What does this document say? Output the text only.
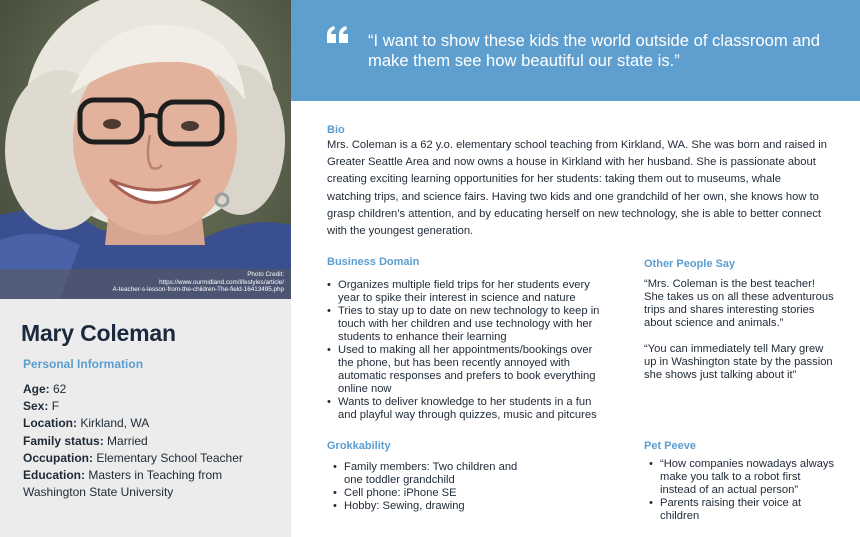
Photo Credit:
https://www.ourmidland.com/lifestyles/article/
A-teacher-s-lesson-from-the-children-The-field-16413495.php
Mary Coleman
Personal Information
Age: 62
Sex: F
Location: Kirkland, WA
Family status: Married
Occupation: Elementary School Teacher
Education: Masters in Teaching from Washington State University
“I want to show these kids the world outside of classroom and make them see how beautiful our state is.”
Bio
Mrs. Coleman is a 62 y.o. elementary school teaching from Kirkland, WA. She was born and raised in Greater Seattle Area and now owns a house in Kirkland with her husband. She is passionate about creating exciting learning opportunities for her students: taking them out to museums, whale watching trips, and science fairs. Having two kids and one grandchild of her own, she knows how to grasp children’s attention, and by educating herself on new technology, she is able to better connect with the youngest generation.
Business Domain
• Organizes multiple field trips for her students every year to spike their interest in science and nature
• Tries to stay up to date on new technology to keep in touch with her children and use technology with her students to enhance their learning
• Used to making all her appointments/bookings over the phone, but has been recently annoyed with automatic responses and prefers to book everything online now
• Wants to deliver knowledge to her students in a fun and playful way through quizzes, music and pitcures
Other People Say

“Mrs. Coleman is the best teacher! She takes us on all these adventurous trips and shares interesting stories about science and animals.”

“You can immediately tell Mary grew up in Washington state by the passion she shows just talking about it”

Grokkability
• Family members: Two children and one toddler grandchild
• Cell phone: iPhone SE
• Hobby: Sewing, drawing
Pet Peeve
• “How companies nowadays always make you talk to a robot first instead of an actual person”
• Parents raising their voice at children
